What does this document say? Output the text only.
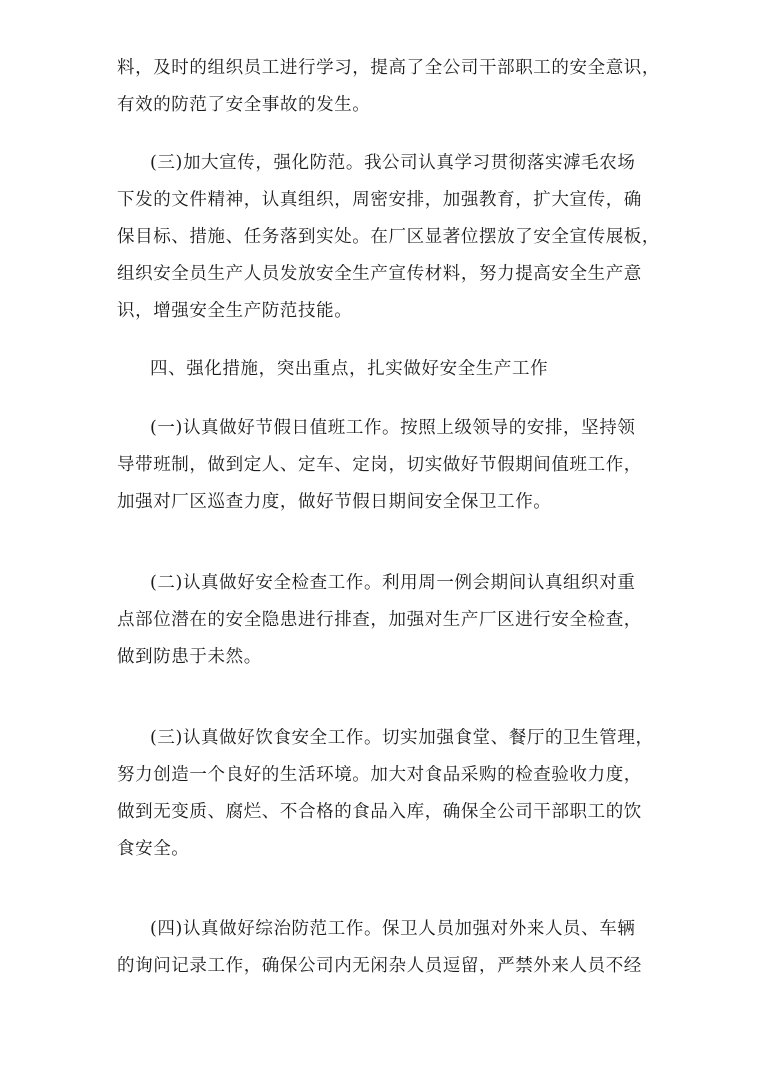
料，及时的组织员工进行学习，提高了全公司干部职工的安全意识，
有效的防范了安全事故的发生。
(三)加大宣传，强化防范。我公司认真学习贯彻落实滹毛农场
下发的文件精神，认真组织，周密安排，加强教育，扩大宣传，确
保目标、措施、任务落到实处。在厂区显著位摆放了安全宣传展板，
组织安全员生产人员发放安全生产宣传材料，努力提高安全生产意
识，增强安全生产防范技能。
四、强化措施，突出重点，扎实做好安全生产工作
(一)认真做好节假日值班工作。按照上级领导的安排，坚持领
导带班制，做到定人、定车、定岗，切实做好节假期间值班工作，
加强对厂区巡查力度，做好节假日期间安全保卫工作。
(二)认真做好安全检查工作。利用周一例会期间认真组织对重
点部位潜在的安全隐患进行排查，加强对生产厂区进行安全检查，
做到防患于未然。
(三)认真做好饮食安全工作。切实加强食堂、餐厅的卫生管理，
努力创造一个良好的生活环境。加大对食品采购的检查验收力度，
做到无变质、腐烂、不合格的食品入库，确保全公司干部职工的饮
食安全。
(四)认真做好综治防范工作。保卫人员加强对外来人员、车辆
的询问记录工作，确保公司内无闲杂人员逗留，严禁外来人员不经
